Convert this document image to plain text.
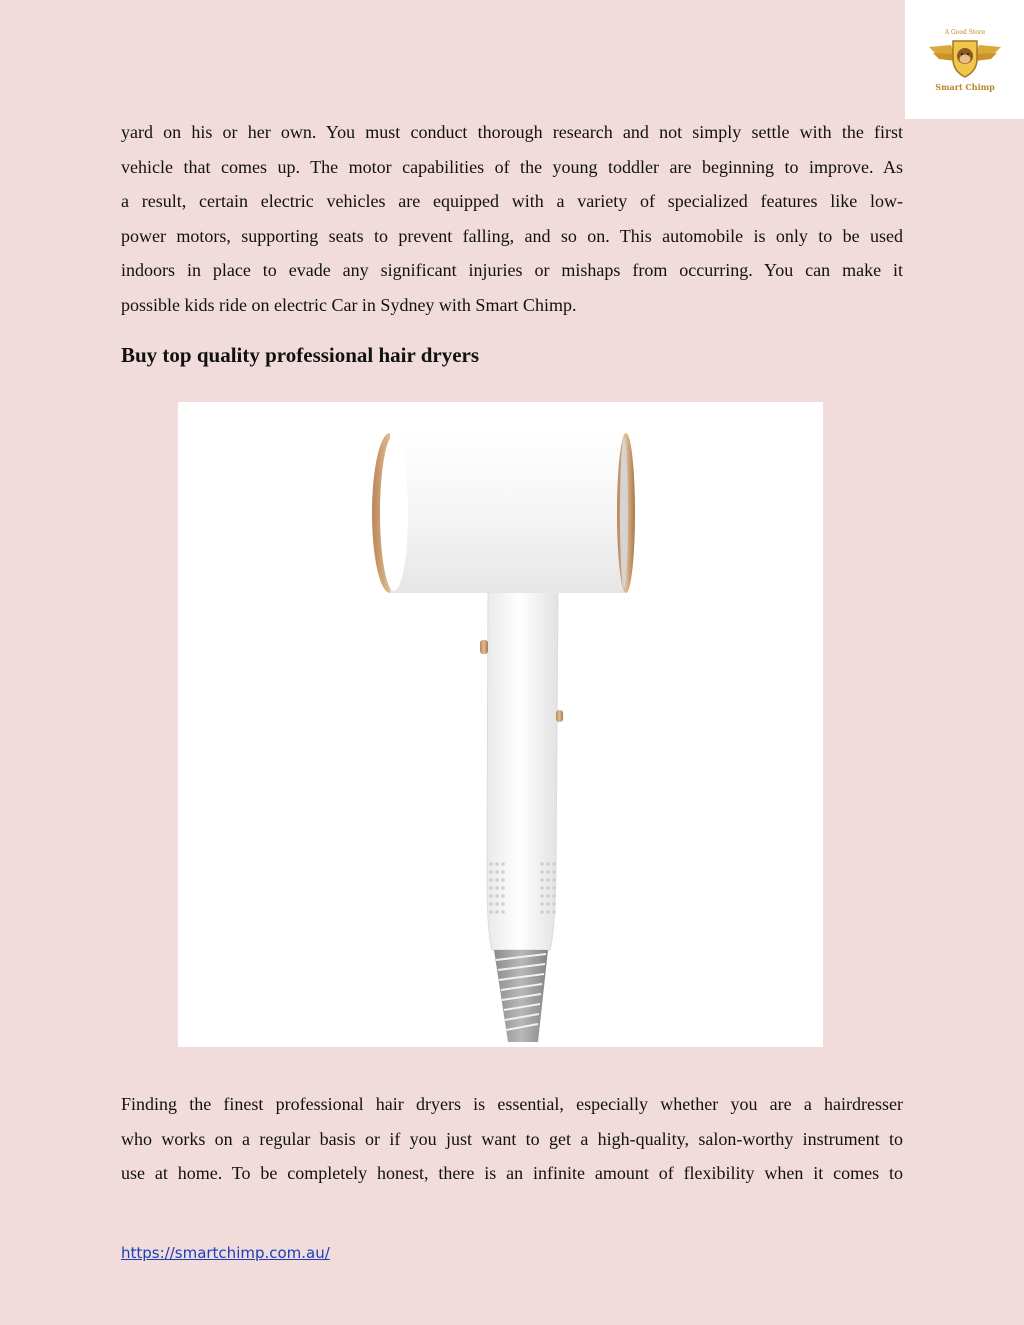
A Good Store
Smart Chimp
yard on his or her own. You must conduct thorough research and not simply settle with the first
vehicle that comes up. The motor capabilities of the young toddler are beginning to improve. As
a result, certain electric vehicles are equipped with a variety of specialized features like low-
power motors, supporting seats to prevent falling, and so on. This automobile is only to be used
indoors in place to evade any significant injuries or mishaps from occurring. You can make it
possible kids ride on electric Car in Sydney with Smart Chimp.
Buy top quality professional hair dryers
Finding the finest professional hair dryers is essential, especially whether you are a hairdresser
who works on a regular basis or if you just want to get a high-quality, salon-worthy instrument to
use at home. To be completely honest, there is an infinite amount of flexibility when it comes to
https://smartchimp.com.au/
